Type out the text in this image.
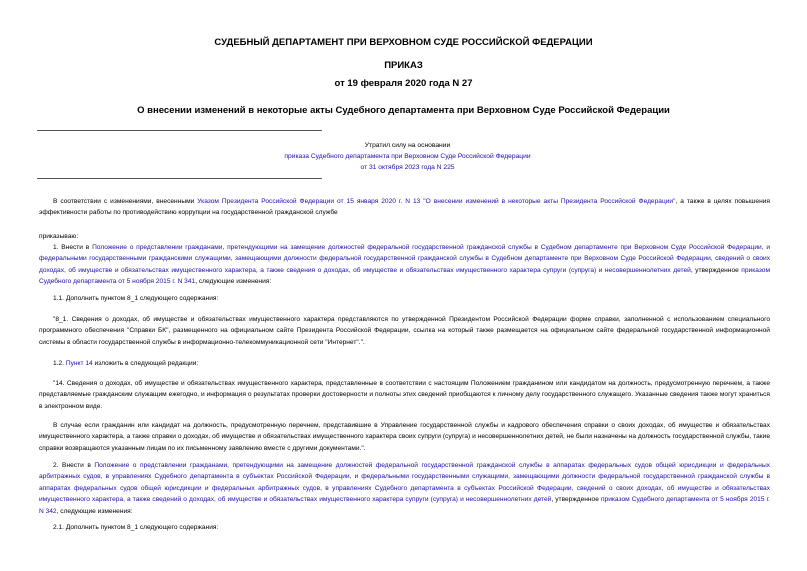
СУДЕБНЫЙ ДЕПАРТАМЕНТ ПРИ ВЕРХОВНОМ СУДЕ РОССИЙСКОЙ ФЕДЕРАЦИИ
ПРИКАЗ
от 19 февраля 2020 года N 27
О внесении изменений в некоторые акты Судебного департамента при Верховном Суде Российской Федерации
Утратил силу на основании
приказа Судебного департамента при Верховном Суде Российской Федерации
от 31 октября 2023 года N 225

В соответствии с изменениями, внесенными Указом Президента Российской Федерации от 15 января 2020 г. N 13 "О внесении изменений в некоторые акты Президента Российской Федерации", а также в целях повышения эффективности работы по противодействию коррупции на государственной гражданской службе

приказываю:

1. Внести в Положение о представлении гражданами, претендующими на замещение должностей федеральной государственной гражданской службы в Судебном департаменте при Верховном Суде Российской Федерации, и федеральными государственными гражданскими служащими, замещающими должности федеральной государственной гражданской службы в Судебном департаменте при Верховном Суде Российской Федерации, сведений о своих доходах, об имуществе и обязательствах имущественного характера, а также сведения о доходах, об имуществе и обязательствах имущественного характера супруги (супруга) и несовершеннолетних детей, утвержденное приказом Судебного департамента от 5 ноября 2015 г. N 341, следующие изменения:

1.1. Дополнить пунктом 8_1 следующего содержания:

"8_1. Сведения о доходах, об имуществе и обязательствах имущественного характера представляются по утвержденной Президентом Российской Федерации форме справки, заполненной с использованием специального программного обеспечения "Справки БК", размещенного на официальном сайте Президента Российской Федерации, ссылка на который также размещается на официальном сайте федеральной государственной информационной системы в области государственной службы в информационно-телекоммуникационной сети "Интернет".".

1.2. Пункт 14 изложить в следующей редакции:

"14. Сведения о доходах, об имуществе и обязательствах имущественного характера, представленные в соответствии с настоящим Положением гражданином или кандидатом на должность, предусмотренную перечнем, а также представляемые гражданским служащим ежегодно, и информация о результатах проверки достоверности и полноты этих сведений приобщаются к личному делу государственного служащего. Указанные сведения также могут храниться в электронном виде.

В случае если гражданин или кандидат на должность, предусмотренную перечнем, представившие в Управление государственной службы и кадрового обеспечения справки о своих доходах, об имуществе и обязательствах имущественного характера, а также справки о доходах, об имуществе и обязательствах имущественного характера своих супруги (супруга) и несовершеннолетних детей, не были назначены на должность государственной службы, такие справки возвращаются указанным лицам по их письменному заявлению вместе с другими документами.".

2. Внести в Положение о представлении гражданами, претендующими на замещение должностей федеральной государственной гражданской службы в аппаратах федеральных судов общей юрисдикции и федеральных арбитражных судов, в управлениях Судебного департамента в субъектах Российской Федерации, и федеральными государственными служащими, замещающими должности федеральной государственной гражданской службы в аппаратах федеральных судов общей юрисдикции и федеральных арбитражных судов, в управлениях Судебного департамента в субъектах Российской Федерации, сведений о своих доходах, об имуществе и обязательствах имущественного характера, а также сведений о доходах, об имуществе и обязательствах имущественного характера супруги (супруга) и несовершеннолетних детей, утвержденное приказом Судебного департамента от 5 ноября 2015 г. N 342, следующие изменения:

2.1. Дополнить пунктом 8_1 следующего содержания:
